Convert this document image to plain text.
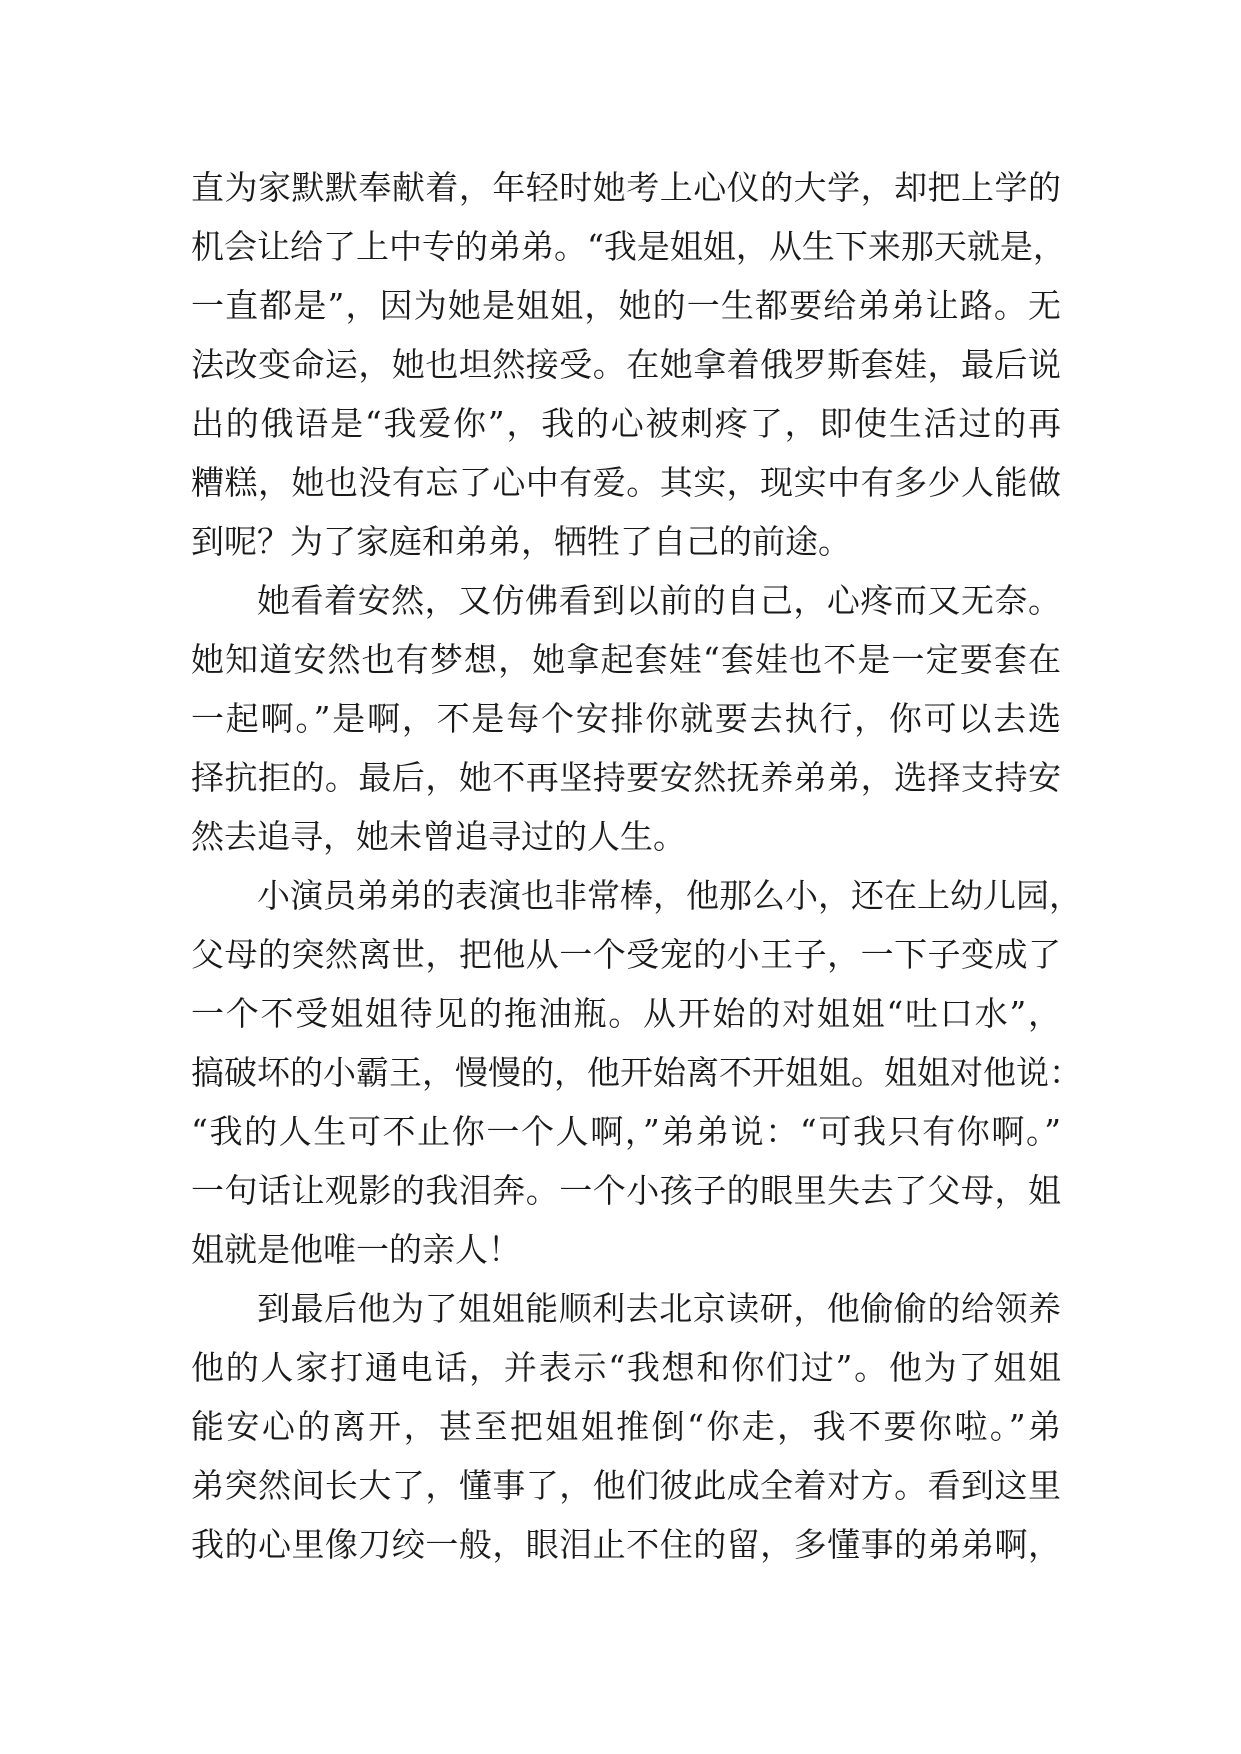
直为家默默奉献着，年轻时她考上心仪的大学，却把上学的
机会让给了上中专的弟弟。“我是姐姐，从生下来那天就是，
一直都是”，因为她是姐姐，她的一生都要给弟弟让路。无
法改变命运，她也坦然接受。在她拿着俄罗斯套娃，最后说
出的俄语是“我爱你”，我的心被刺疼了，即使生活过的再
糟糕，她也没有忘了心中有爱。其实，现实中有多少人能做
到呢？为了家庭和弟弟，牺牲了自己的前途。
她看着安然，又仿佛看到以前的自己，心疼而又无奈。
她知道安然也有梦想，她拿起套娃“套娃也不是一定要套在
一起啊。”是啊，不是每个安排你就要去执行，你可以去选
择抗拒的。最后，她不再坚持要安然抚养弟弟，选择支持安
然去追寻，她未曾追寻过的人生。
小演员弟弟的表演也非常棒，他那么小，还在上幼儿园，
父母的突然离世，把他从一个受宠的小王子，一下子变成了
一个不受姐姐待见的拖油瓶。从开始的对姐姐“吐口水”，
搞破坏的小霸王，慢慢的，他开始离不开姐姐。姐姐对他说：
“我的人生可不止你一个人啊，”弟弟说：“可我只有你啊。”
一句话让观影的我泪奔。一个小孩子的眼里失去了父母，姐
姐就是他唯一的亲人！
到最后他为了姐姐能顺利去北京读研，他偷偷的给领养
他的人家打通电话，并表示“我想和你们过”。他为了姐姐
能安心的离开，甚至把姐姐推倒“你走，我不要你啦。”弟
弟突然间长大了，懂事了，他们彼此成全着对方。看到这里
我的心里像刀绞一般，眼泪止不住的留，多懂事的弟弟啊，
